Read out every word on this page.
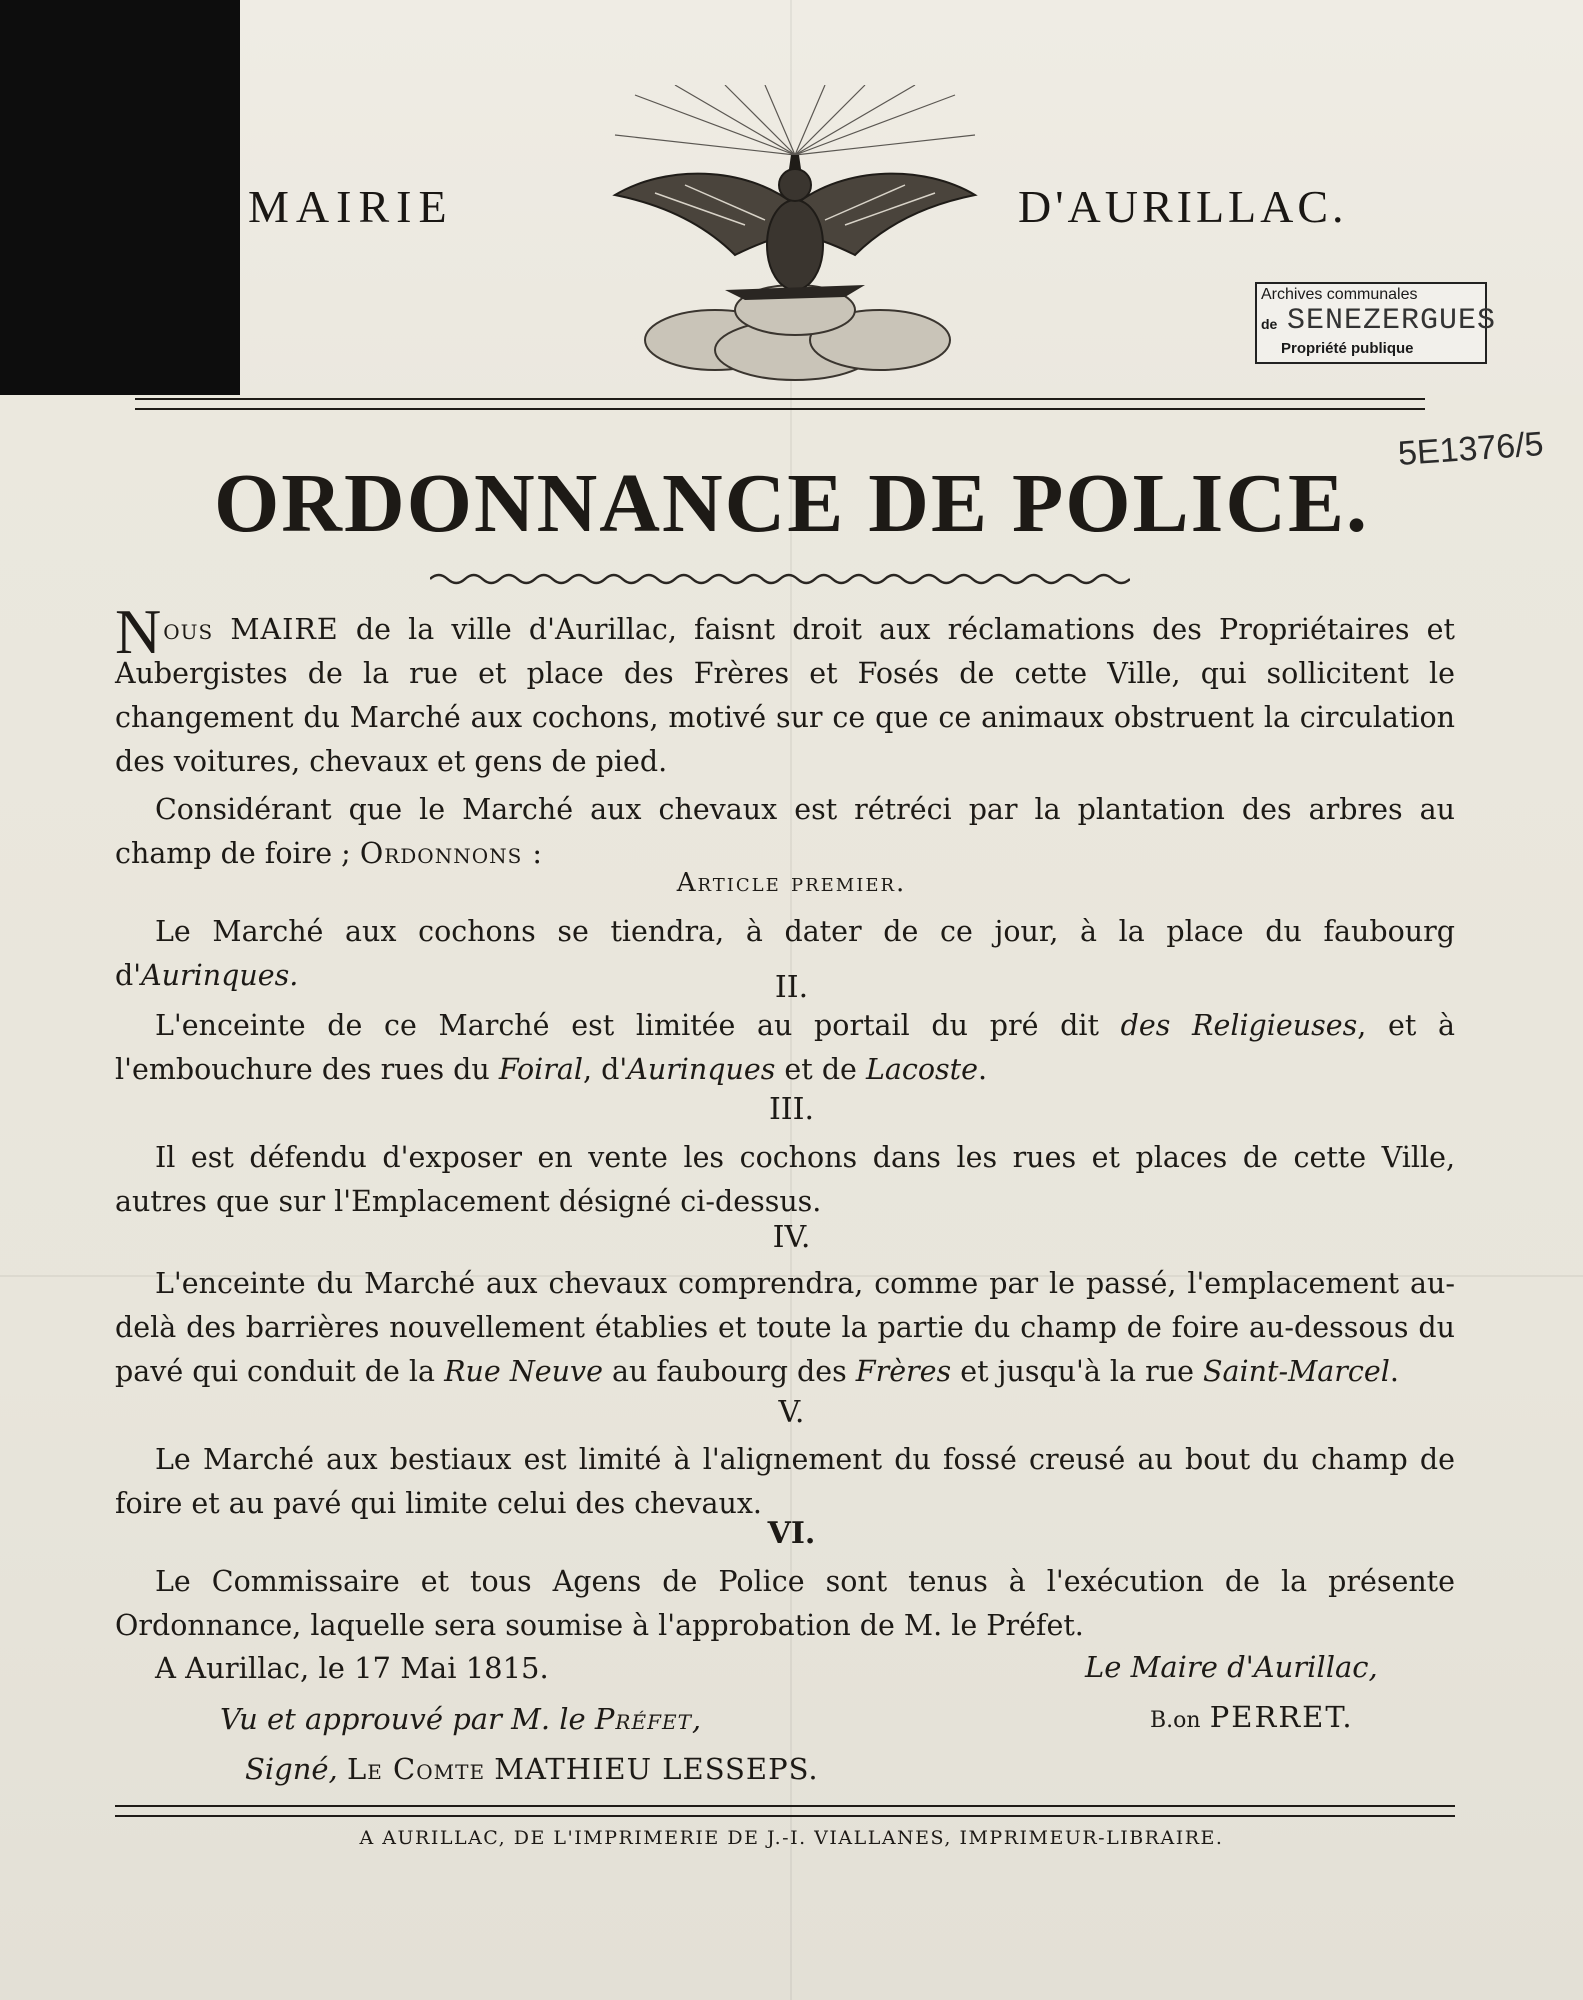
MAIRIE	D'AURILLAC.
Archives communales
de SENEZERGUES
Propriété publique
5E1376/5
ORDONNANCE DE POLICE.
Nous MAIRE de la ville d'Aurillac, faisnt droit aux réclamations des Propriétaires et Aubergistes de la rue et place des Frères et Fosés de cette Ville, qui sollicitent le changement du Marché aux cochons, motivé sur ce que ce animaux obstruent la circulation des voitures, chevaux et gens de pied.
Considérant que le Marché aux chevaux est rétréci par la plantation des arbres au champ de foire ; Ordonnons :
Article premier.
Le Marché aux cochons se tiendra, à dater de ce jour, à la place du faubourg d'Aurinques.	II.
L'enceinte de ce Marché est limitée au portail du pré dit des Religieuses, et à l'embouchure des rues du Foiral, d'Aurinques et de Lacoste.
III.
Il est défendu d'exposer en vente les cochons dans les rues et places de cette Ville, autres que sur l'Emplacement désigné ci-dessus.
IV.
L'enceinte du Marché aux chevaux comprendra, comme par le passé, l'emplacement au-delà des barrières nouvellement établies et toute la partie du champ de foire au-dessous du pavé qui conduit de la Rue Neuve au faubourg des Frères et jusqu'à la rue Saint-Marcel.
V.
Le Marché aux bestiaux est limité à l'alignement du fossé creusé au bout du champ de foire et au pavé qui limite celui des chevaux.
VI.
Le Commissaire et tous Agens de Police sont tenus à l'exécution de la présente Ordonnance, laquelle sera soumise à l'approbation de M. le Préfet.
A Aurillac, le 17 Mai 1815.	Le Maire d'Aurillac,
B.on PERRET.
Vu et approuvé par M. le Préfet,
Signé, Le Comte MATHIEU LESSEPS.
A AURILLAC, DE L'IMPRIMERIE DE J.-I. VIALLANES, IMPRIMEUR-LIBRAIRE.
